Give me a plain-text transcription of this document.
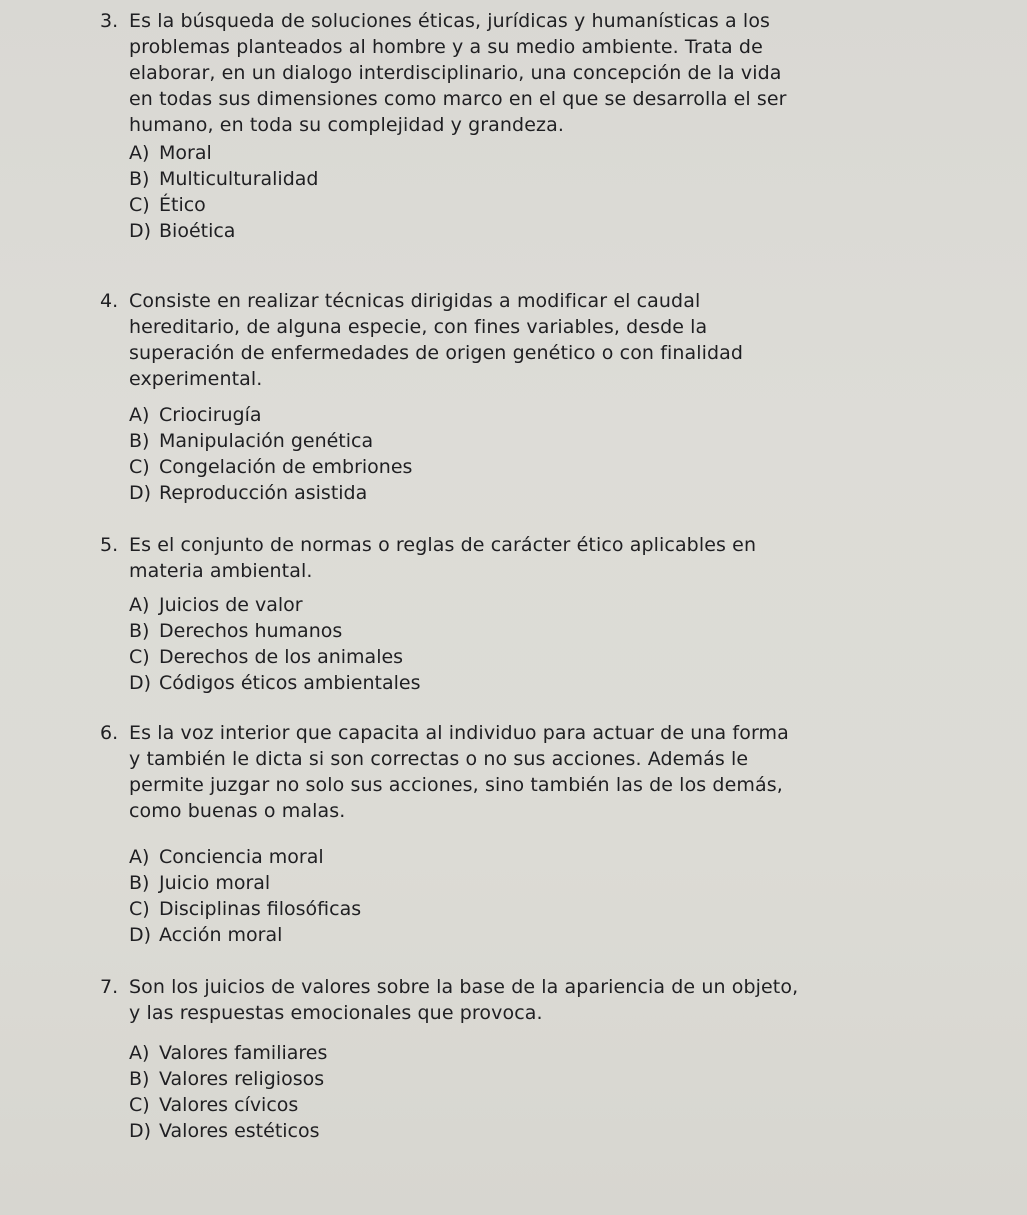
3. Es la búsqueda de soluciones éticas, jurídicas y humanísticas a los
problemas planteados al hombre y a su medio ambiente. Trata de
elaborar, en un dialogo interdisciplinario, una concepción de la vida
en todas sus dimensiones como marco en el que se desarrolla el ser
humano, en toda su complejidad y grandeza.
A) Moral
B) Multiculturalidad
C) Ético
D) Bioética
4. Consiste en realizar técnicas dirigidas a modificar el caudal
hereditario, de alguna especie, con fines variables, desde la
superación de enfermedades de origen genético o con finalidad
experimental.
A) Criocirugía
B) Manipulación genética
C) Congelación de embriones
D) Reproducción asistida
5. Es el conjunto de normas o reglas de carácter ético aplicables en
materia ambiental.
A) Juicios de valor
B) Derechos humanos
C) Derechos de los animales
D) Códigos éticos ambientales
6. Es la voz interior que capacita al individuo para actuar de una forma
y también le dicta si son correctas o no sus acciones. Además le
permite juzgar no solo sus acciones, sino también las de los demás,
como buenas o malas.
A) Conciencia moral
B) Juicio moral
C) Disciplinas filosóficas
D) Acción moral
7. Son los juicios de valores sobre la base de la apariencia de un objeto,
y las respuestas emocionales que provoca.
A) Valores familiares
B) Valores religiosos
C) Valores cívicos
D) Valores estéticos
